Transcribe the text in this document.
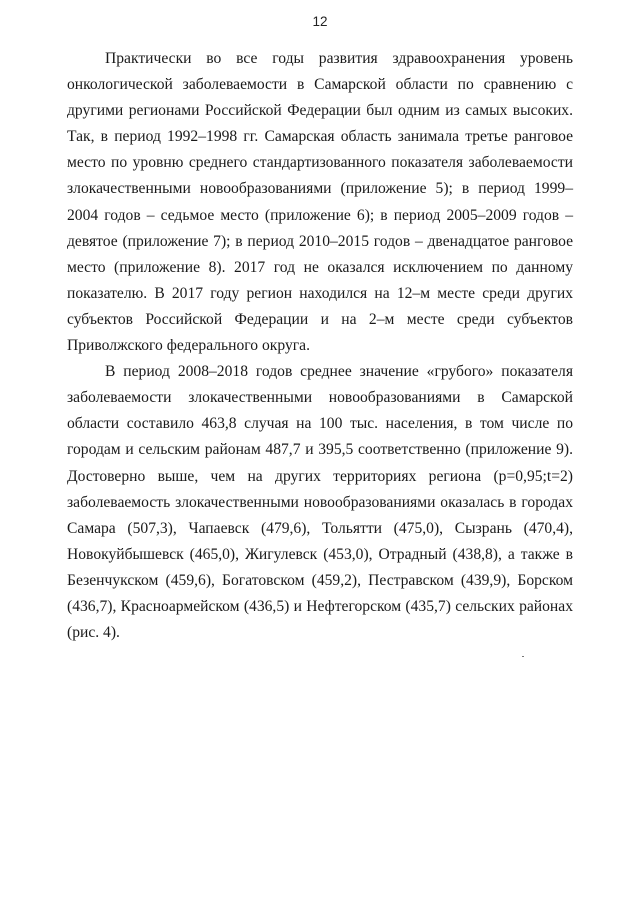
12

Практически во все годы развития здравоохранения уровень онкологической заболеваемости в Самарской области по сравнению с другими регионами Российской Федерации был одним из самых высоких. Так, в период 1992–1998 гг. Самарская область занимала третье ранговое место по уровню среднего стандартизованного показателя заболеваемости злокачественными новообразованиями (приложение 5); в период 1999–2004 годов – седьмое место (приложение 6); в период 2005–2009 годов – девятое (приложение 7); в период 2010–2015 годов – двенадцатое ранговое место (приложение 8). 2017 год не оказался исключением по данному показателю. В 2017 году регион находился на 12–м месте среди других субъектов Российской Федерации и на 2–м месте среди субъектов Приволжского федерального округа.

В период 2008–2018 годов среднее значение «грубого» показателя заболеваемости злокачественными новообразованиями в Самарской области составило 463,8 случая на 100 тыс. населения, в том числе по городам и сельским районам 487,7 и 395,5 соответственно (приложение 9). Достоверно выше, чем на других территориях региона (р=0,95;t=2) заболеваемость злокачественными новообразованиями оказалась в городах Самара (507,3), Чапаевск (479,6), Тольятти (475,0), Сызрань (470,4), Новокуйбышевск (465,0), Жигулевск (453,0), Отрадный (438,8), а также в Безенчукском (459,6), Богатовском (459,2), Пестравском (439,9), Борском (436,7), Красноармейском (436,5) и Нефтегорском (435,7) сельских районах (рис. 4).
